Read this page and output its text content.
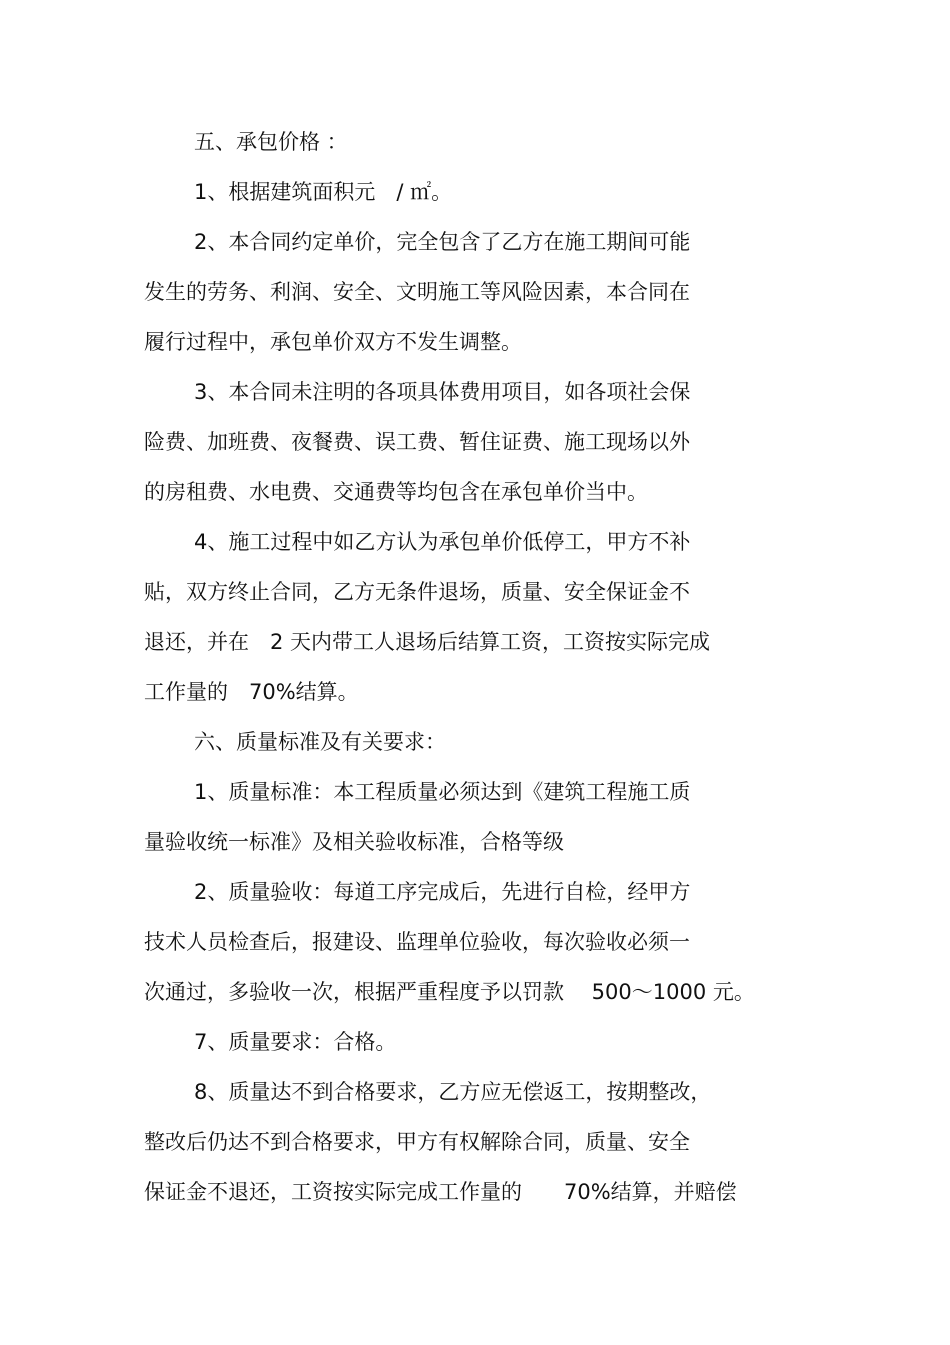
五、承包价格 ：
1、根据建筑面积元　/ ㎡。
2、本合同约定单价，完全包含了乙方在施工期间可能
发生的劳务、利润、安全、文明施工等风险因素，本合同在
履行过程中，承包单价双方不发生调整。
3、本合同未注明的各项具体费用项目，如各项社会保
险费、加班费、夜餐费、误工费、暂住证费、施工现场以外
的房租费、水电费、交通费等均包含在承包单价当中。
4、施工过程中如乙方认为承包单价低停工，甲方不补
贴，双方终止合同，乙方无条件退场，质量、安全保证金不
退还，并在　2 天内带工人退场后结算工资，工资按实际完成
工作量的　70%结算。
六、质量标准及有关要求：
1、质量标准：本工程质量必须达到《建筑工程施工质
量验收统一标准》及相关验收标准，合格等级
2、质量验收：每道工序完成后，先进行自检，经甲方
技术人员检查后，报建设、监理单位验收，每次验收必须一
次通过，多验收一次，根据严重程度予以罚款　 500～1000 元。
7、质量要求：合格。
8、质量达不到合格要求，乙方应无偿返工，按期整改，
整改后仍达不到合格要求，甲方有权解除合同，质量、安全
保证金不退还，工资按实际完成工作量的　　70%结算，并赔偿
